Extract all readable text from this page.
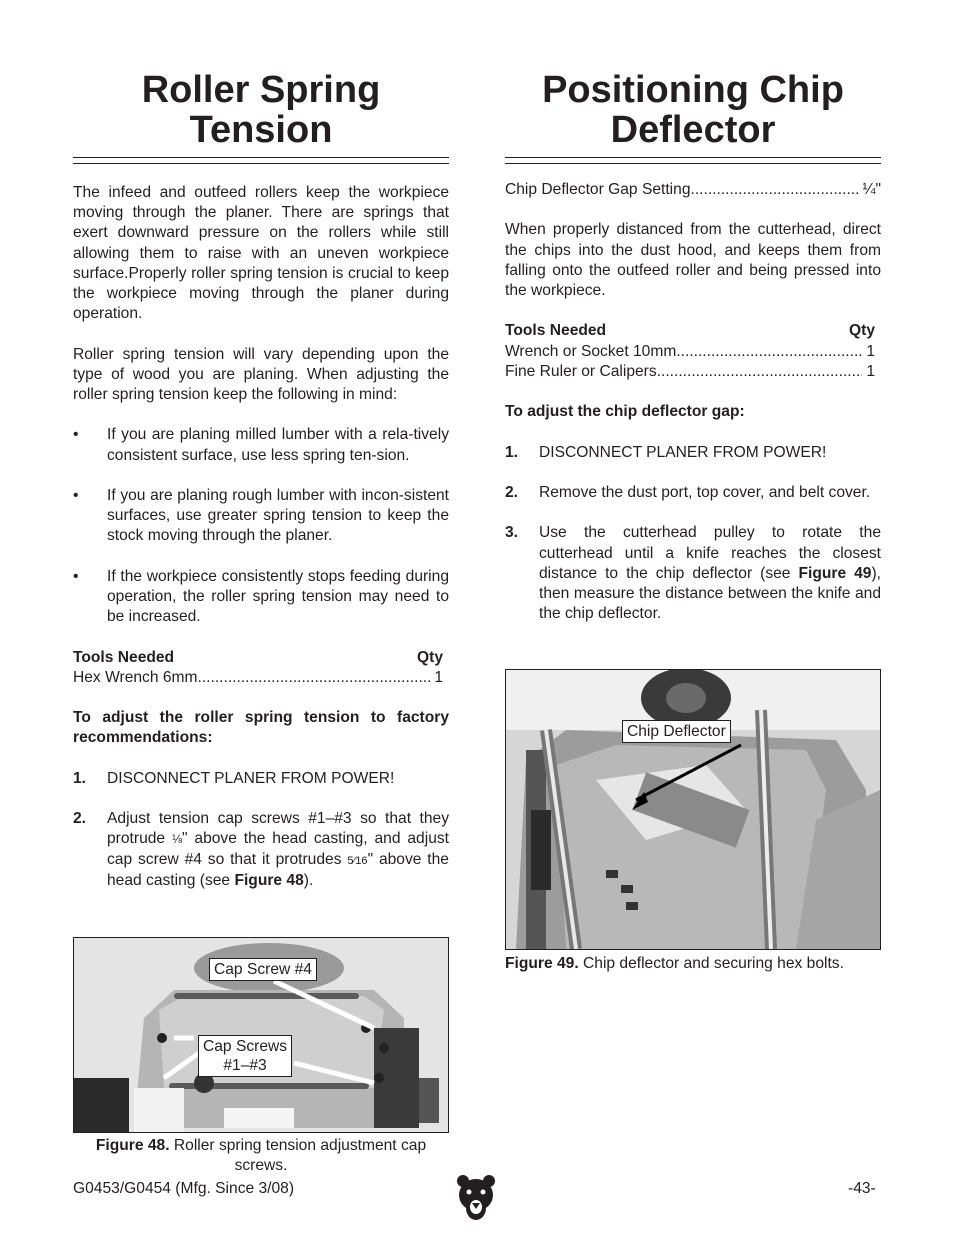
Roller Spring
Tension

The infeed and outfeed rollers keep the workpiece moving through the planer. There are springs that exert downward pressure on the rollers while still allowing them to raise with an uneven workpiece surface.Properly roller spring tension is crucial to keep the workpiece moving through the planer during operation.

Roller spring tension will vary depending upon the type of wood you are planing. When adjusting the roller spring tension keep the following in mind:

• If you are planing milled lumber with a rela-tively consistent surface, use less spring ten-sion.
• If you are planing rough lumber with incon-sistent surfaces, use greater spring tension to keep the stock moving through the planer.
• If the workpiece consistently stops feeding during operation, the roller spring tension may need to be increased.
Tools Needed	Qty
Hex Wrench 6mm .....	1

To adjust the roller spring tension to factory recommendations:

1. DISCONNECT PLANER FROM POWER!
2. Adjust tension cap screws #1–#3 so that they protrude ⅛" above the head casting, and adjust cap screw #4 so that it protrudes 5⁄16" above the head casting (see Figure 48).
Cap Screw #4
Cap Screws
#1–#3
Figure 48. Roller spring tension adjustment cap screws.
Positioning Chip
Deflector
Chip Deflector Gap Setting .....	¼"

When properly distanced from the cutterhead, direct the chips into the dust hood, and keeps them from falling onto the outfeed roller and being pressed into the workpiece.

Tools Needed	Qty
Wrench or Socket 10mm .....	1
Fine Ruler or Calipers .....	1

To adjust the chip deflector gap:

1. DISCONNECT PLANER FROM POWER!
2. Remove the dust port, top cover, and belt cover.
3. Use the cutterhead pulley to rotate the cutterhead until a knife reaches the closest distance to the chip deflector (see Figure 49), then measure the distance between the knife and the chip deflector.
Chip Deflector
Figure 49. Chip deflector and securing hex bolts.
G0453/G0454 (Mfg. Since 3/08)	-43-
